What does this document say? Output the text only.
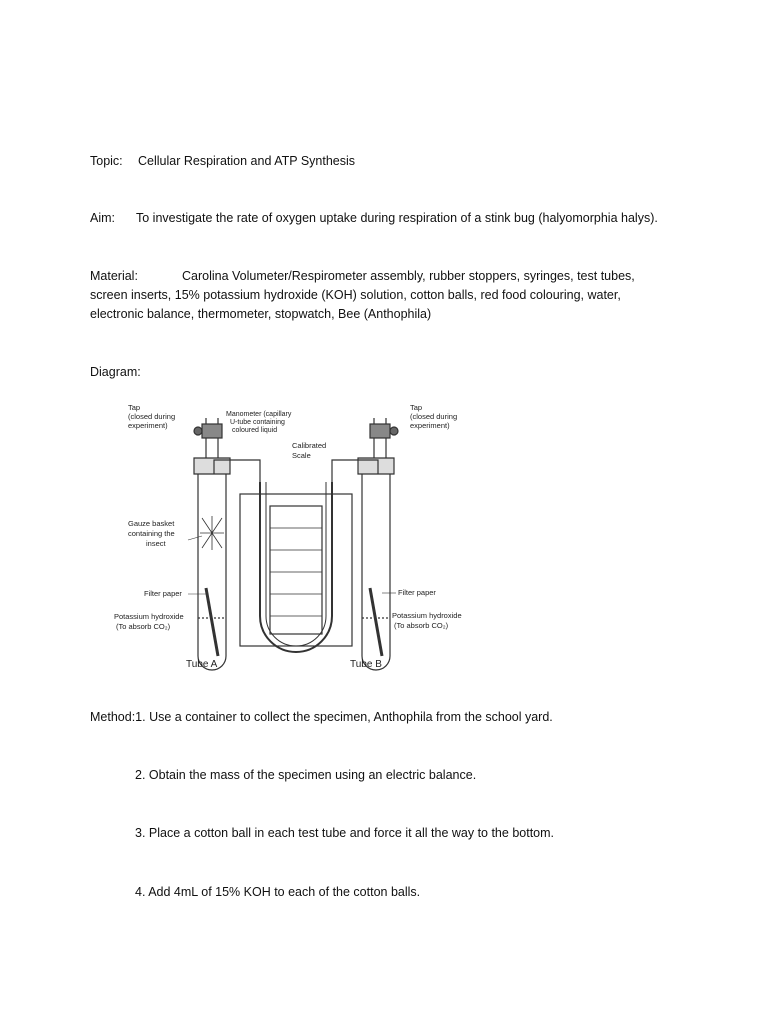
Topic: Cellular Respiration and ATP Synthesis
Aim: To investigate the rate of oxygen uptake during respiration of a stink bug (halyomorphia halys).
Material:	Carolina Volumeter/Respirometer assembly, rubber stoppers, syringes, test tubes,
screen inserts, 15% potassium hydroxide (KOH) solution, cotton balls, red food colouring, water,
electronic balance, thermometer, stopwatch, Bee (Anthophila)
Diagram:
Tap (closed during experiment)
Manometer (capillary U-tube containing coloured liquid
Calibrated Scale
Tap (closed during experiment)
Gauze basket containing the insect
Filter paper	Filter paper
Potassium hydroxide (To absorb CO₂)
Potassium hydroxide (To absorb CO₂)
Tube A	Tube B
Method:1. Use a container to collect the specimen, Anthophila from the school yard.
2. Obtain the mass of the specimen using an electric balance.
3. Place a cotton ball in each test tube and force it all the way to the bottom.
4. Add 4mL of 15% KOH to each of the cotton balls.
